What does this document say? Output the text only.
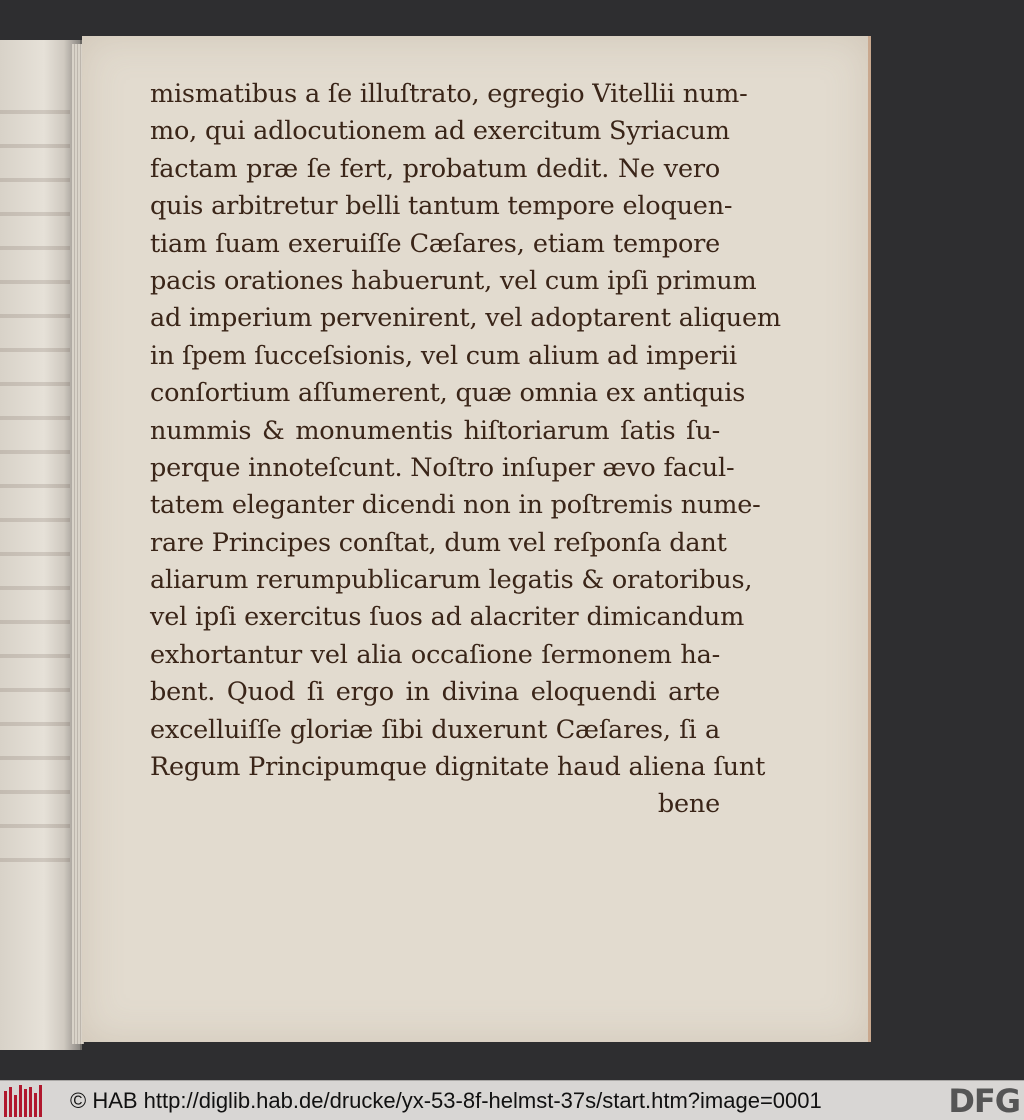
mismatibus a ſe illuſtrato, egregio Vitellii num-
mo, qui adlocutionem ad exercitum Syriacum
factam præ ſe fert, probatum dedit. Ne vero
quis arbitretur belli tantum tempore eloquen-
tiam ſuam exeruiſſe Cæſares, etiam tempore
pacis orationes habuerunt, vel cum ipſi primum
ad imperium pervenirent, vel adoptarent aliquem
in ſpem ſucceſsionis, vel cum alium ad imperii
conſortium aſſumerent, quæ omnia ex antiquis
nummis & monumentis hiſtoriarum ſatis ſu-
perque innoteſcunt. Noſtro inſuper ævo facul-
tatem eleganter dicendi non in poſtremis nume-
rare Principes conſtat, dum vel reſponſa dant
aliarum rerumpublicarum legatis & oratoribus,
vel ipſi exercitus ſuos ad alacriter dimicandum
exhortantur vel alia occaſione ſermonem ha-
bent. Quod ſi ergo in divina eloquendi arte
excelluiſſe gloriæ ſibi duxerunt Cæſares, ſi a
Regum Principumque dignitate haud aliena ſunt
bene
© HAB http://diglib.hab.de/drucke/yx-53-8f-helmst-37s/start.htm?image=0001	DFG
